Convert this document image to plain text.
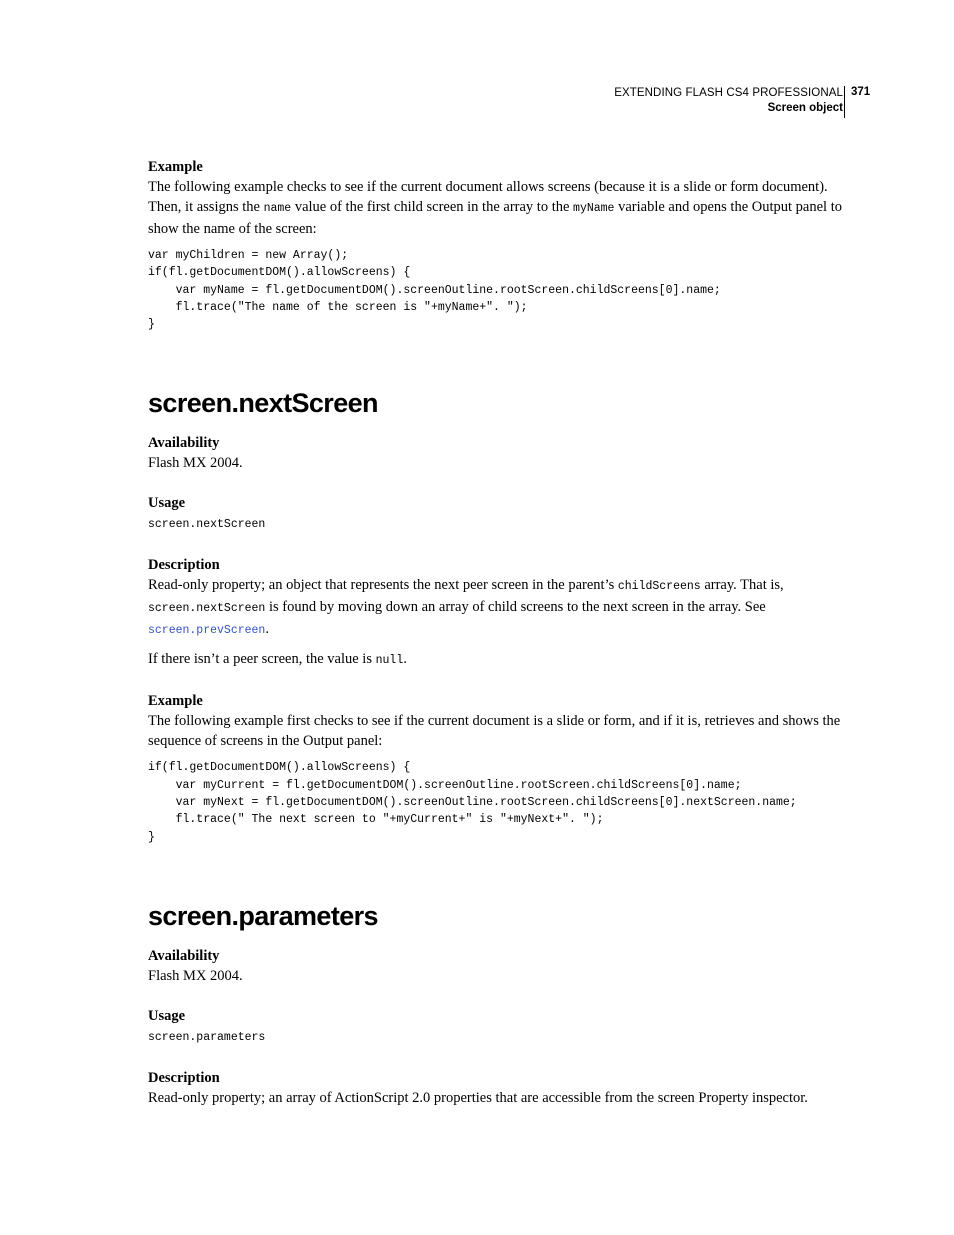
EXTENDING FLASH CS4 PROFESSIONAL
Screen object
371

Example

The following example checks to see if the current document allows screens (because it is a slide or form document). Then, it assigns the name value of the first child screen in the array to the myName variable and opens the Output panel to show the name of the screen:

var myChildren = new Array();
if(fl.getDocumentDOM().allowScreens) {
var myName = fl.getDocumentDOM().screenOutline.rootScreen.childScreens[0].name;
fl.trace("The name of the screen is "+myName+". ");
}
screen.nextScreen

Availability

Flash MX 2004.

Usage

screen.nextScreen

Description

Read-only property; an object that represents the next peer screen in the parent’s childScreens array. That is, screen.nextScreen is found by moving down an array of child screens to the next screen in the array. See screen.prevScreen.

If there isn’t a peer screen, the value is null.

Example

The following example first checks to see if the current document is a slide or form, and if it is, retrieves and shows the sequence of screens in the Output panel:

if(fl.getDocumentDOM().allowScreens) {
var myCurrent = fl.getDocumentDOM().screenOutline.rootScreen.childScreens[0].name;
var myNext = fl.getDocumentDOM().screenOutline.rootScreen.childScreens[0].nextScreen.name;
fl.trace(" The next screen to "+myCurrent+" is "+myNext+". ");
}
screen.parameters

Availability

Flash MX 2004.

Usage

screen.parameters

Description

Read-only property; an array of ActionScript 2.0 properties that are accessible from the screen Property inspector.
